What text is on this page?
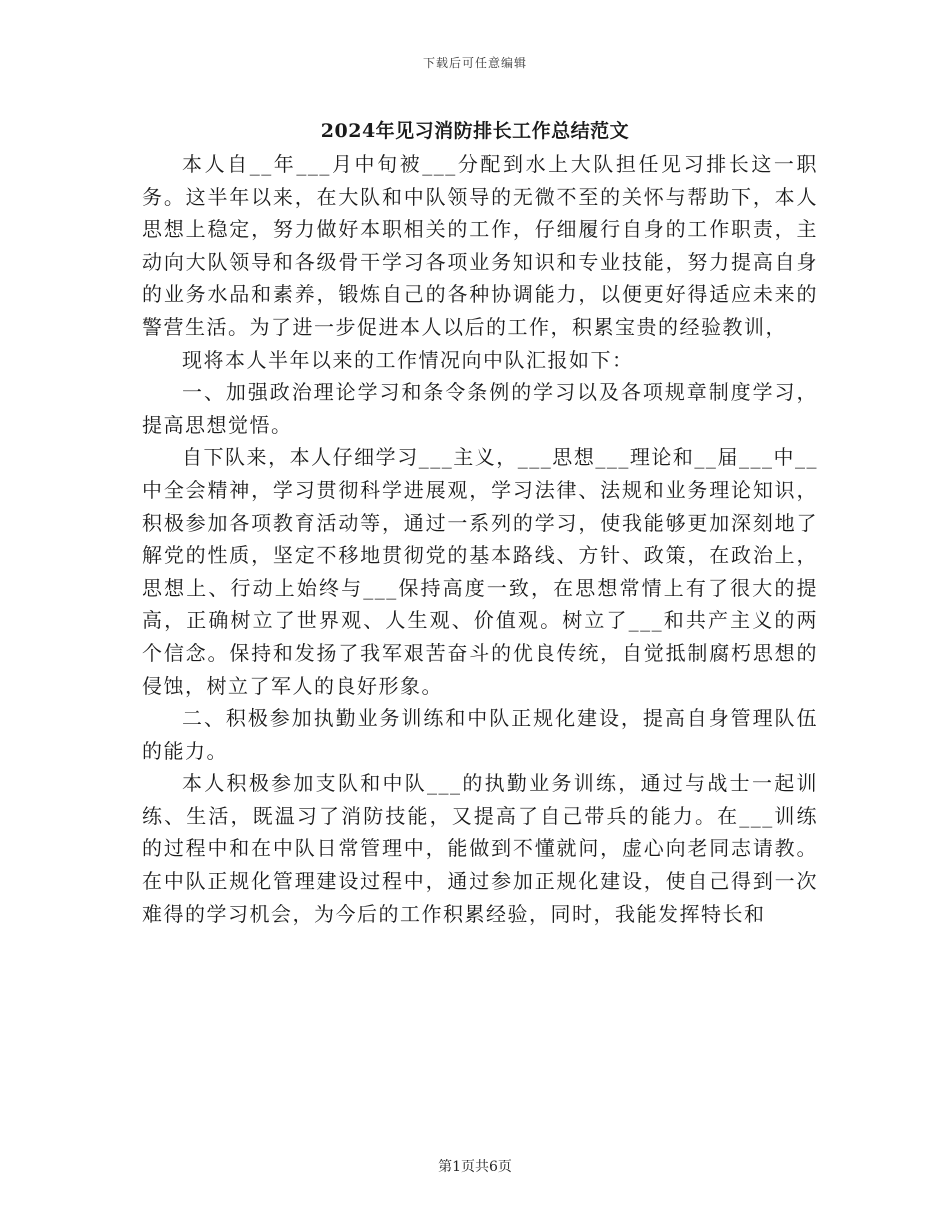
下载后可任意编辑
2024年见习消防排长工作总结范文

本人自__年___月中旬被___分配到水上大队担任见习排长这一职务。这半年以来，在大队和中队领导的无微不至的关怀与帮助下，本人思想上稳定，努力做好本职相关的工作，仔细履行自身的工作职责，主动向大队领导和各级骨干学习各项业务知识和专业技能，努力提高自身的业务水品和素养，锻炼自己的各种协调能力，以便更好得适应未来的警营生活。为了进一步促进本人以后的工作，积累宝贵的经验教训，

现将本人半年以来的工作情况向中队汇报如下：

一、加强政治理论学习和条令条例的学习以及各项规章制度学习，提高思想觉悟。

自下队来，本人仔细学习___主义，___思想___理论和__届___中__中全会精神，学习贯彻科学进展观，学习法律、法规和业务理论知识，积极参加各项教育活动等，通过一系列的学习，使我能够更加深刻地了解党的性质，坚定不移地贯彻党的基本路线、方针、政策，在政治上，思想上、行动上始终与___保持高度一致，在思想常情上有了很大的提高，正确树立了世界观、人生观、价值观。树立了___和共产主义的两个信念。保持和发扬了我军艰苦奋斗的优良传统，自觉抵制腐朽思想的侵蚀，树立了军人的良好形象。

二、积极参加执勤业务训练和中队正规化建设，提高自身管理队伍的能力。

本人积极参加支队和中队___的执勤业务训练，通过与战士一起训练、生活，既温习了消防技能，又提高了自己带兵的能力。在___训练的过程中和在中队日常管理中，能做到不懂就问，虚心向老同志请教。在中队正规化管理建设过程中，通过参加正规化建设，使自己得到一次难得的学习机会，为今后的工作积累经验，同时，我能发挥特长和

第1页共6页
